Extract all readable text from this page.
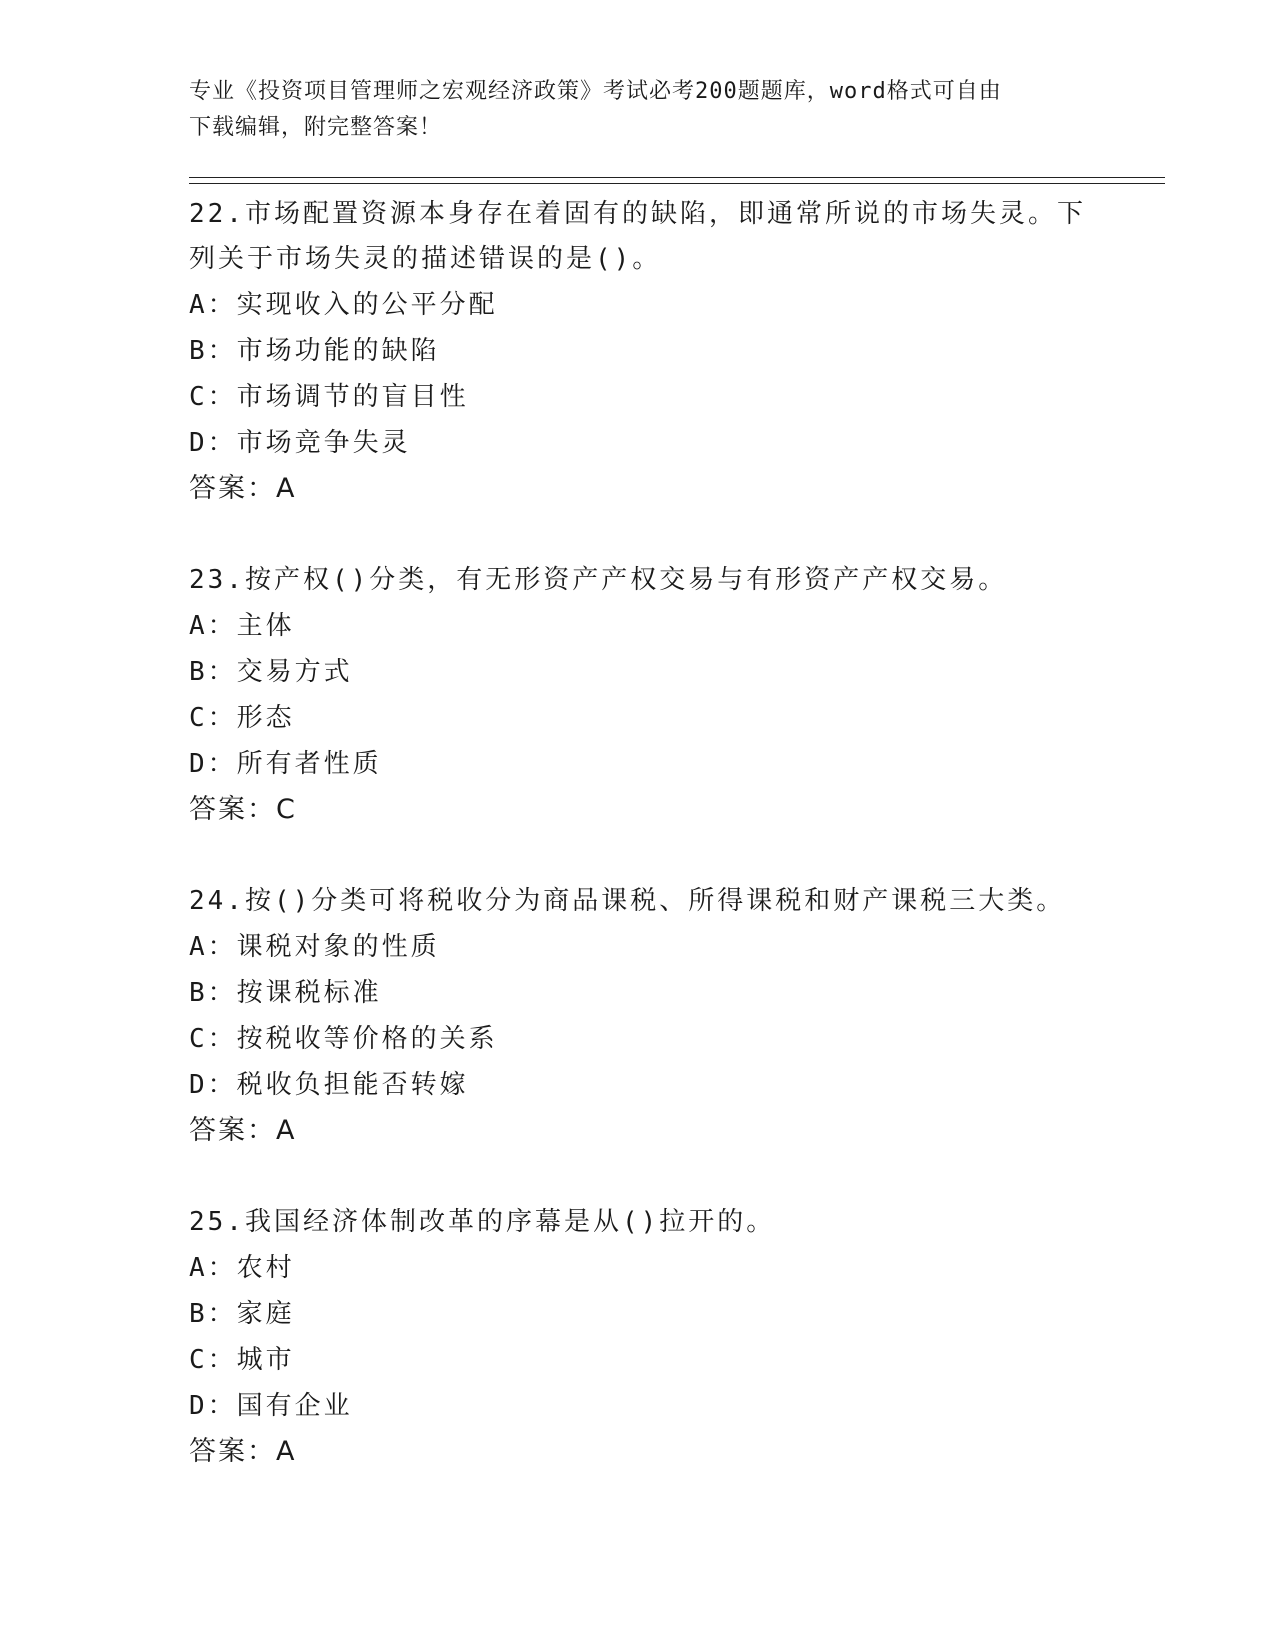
专业《投资项目管理师之宏观经济政策》考试必考200题题库，word格式可自由
下载编辑，附完整答案！

22.市场配置资源本身存在着固有的缺陷，即通常所说的市场失灵。下

列关于市场失灵的描述错误的是()。

A：实现收入的公平分配

B：市场功能的缺陷

C：市场调节的盲目性

D：市场竞争失灵

答案：A

23.按产权()分类，有无形资产产权交易与有形资产产权交易。

A：主体

B：交易方式

C：形态

D：所有者性质

答案：C

24.按()分类可将税收分为商品课税、所得课税和财产课税三大类。

A：课税对象的性质

B：按课税标准

C：按税收等价格的关系

D：税收负担能否转嫁

答案：A

25.我国经济体制改革的序幕是从()拉开的。

A：农村

B：家庭

C：城市

D：国有企业

答案：A
